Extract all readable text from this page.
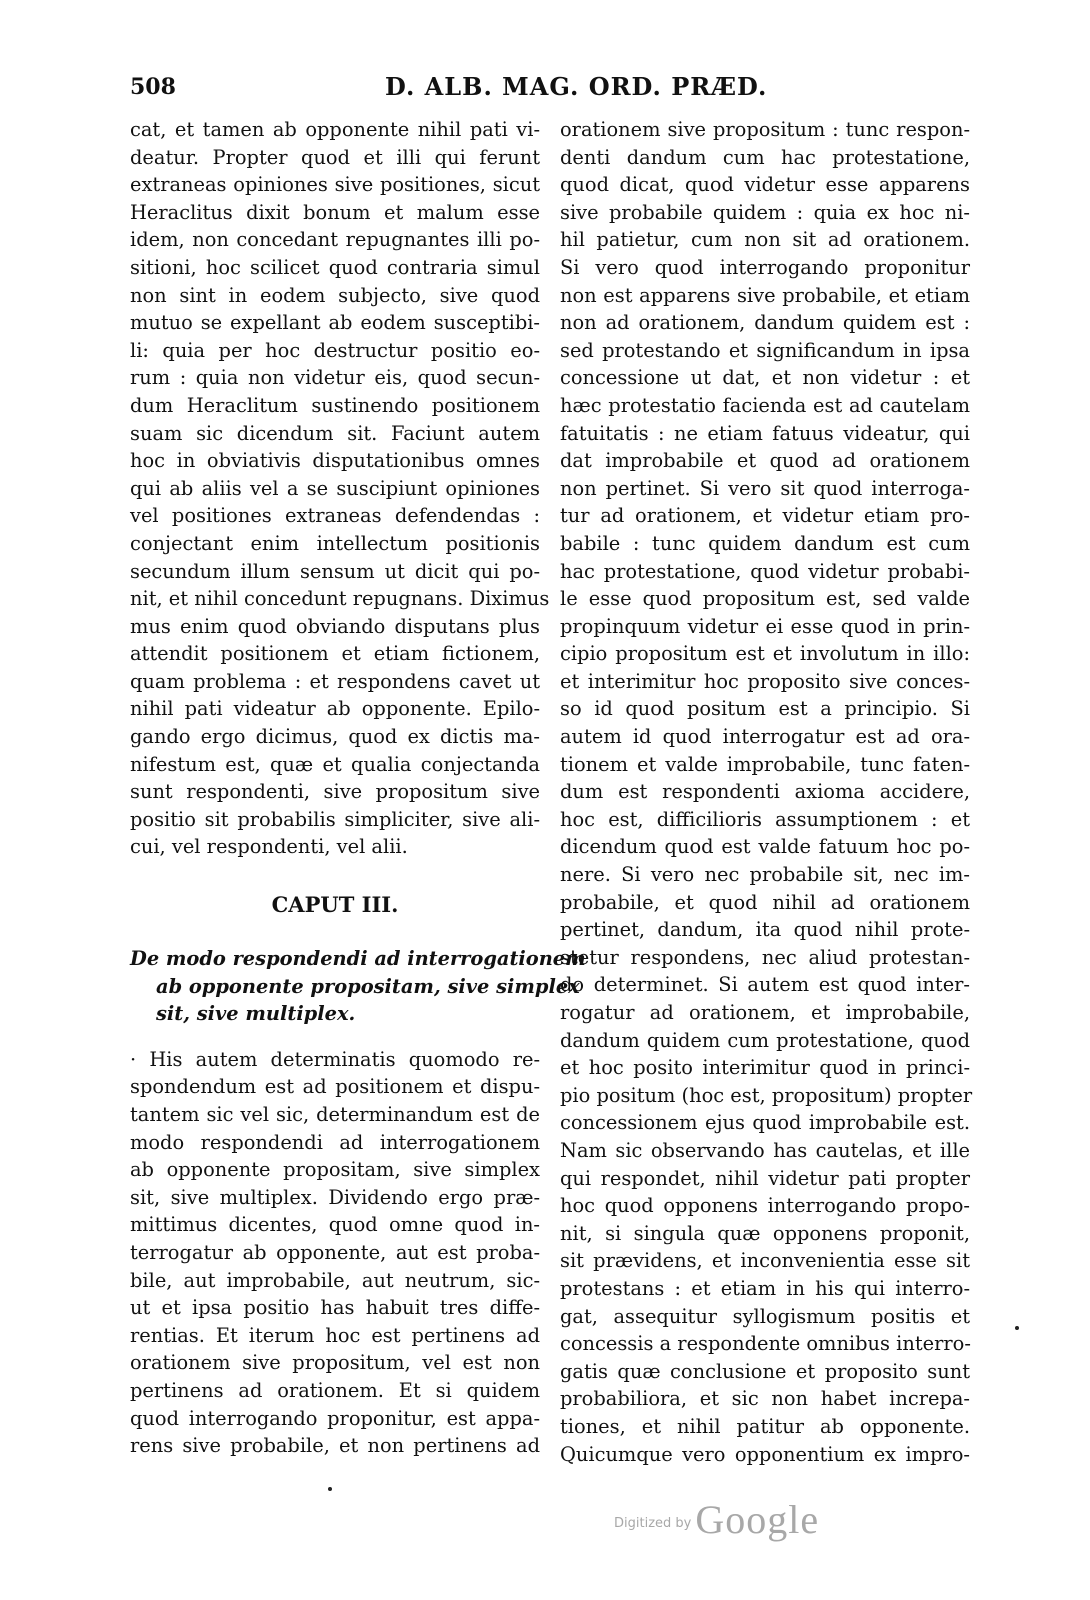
508	D. ALB. MAG. ORD. PRÆD.
cat, et tamen ab opponente nihil pati vi-
deatur. Propter quod et illi qui ferunt
extraneas opiniones sive positiones, sicut
Heraclitus dixit bonum et malum esse
idem, non concedant repugnantes illi po-
sitioni, hoc scilicet quod contraria simul
non sint in eodem subjecto, sive quod
mutuo se expellant ab eodem susceptibi-
li: quia per hoc destructur positio eo-
rum : quia non videtur eis, quod secun-
dum Heraclitum sustinendo positionem
suam sic dicendum sit. Faciunt autem
hoc in obviativis disputationibus omnes
qui ab aliis vel a se suscipiunt opiniones
vel positiones extraneas defendendas :
conjectant enim intellectum positionis
secundum illum sensum ut dicit qui po-
nit, et nihil concedunt repugnans. Diximus
mus enim quod obviando disputans plus
attendit positionem et etiam fictionem,
quam problema : et respondens cavet ut
nihil pati videatur ab opponente. Epilo-
gando ergo dicimus, quod ex dictis ma-
nifestum est, quæ et qualia conjectanda
sunt respondenti, sive propositum sive
positio sit probabilis simpliciter, sive ali-
cui, vel respondenti, vel alii.
CAPUT III.
De modo respondendi ad interrogationem
ab opponente propositam, sive simplex
sit, sive multiplex.
· His autem determinatis quomodo re-
spondendum est ad positionem et dispu-
tantem sic vel sic, determinandum est de
modo respondendi ad interrogationem
ab opponente propositam, sive simplex
sit, sive multiplex. Dividendo ergo præ-
mittimus dicentes, quod omne quod in-
terrogatur ab opponente, aut est proba-
bile, aut improbabile, aut neutrum, sic-
ut et ipsa positio has habuit tres diffe-
rentias. Et iterum hoc est pertinens ad
orationem sive propositum, vel est non
pertinens ad orationem. Et si quidem
quod interrogando proponitur, est appa-
rens sive probabile, et non pertinens ad
orationem sive propositum : tunc respon-
denti dandum cum hac protestatione,
quod dicat, quod videtur esse apparens
sive probabile quidem : quia ex hoc ni-
hil patietur, cum non sit ad orationem.
Si vero quod interrogando proponitur
non est apparens sive probabile, et etiam
non ad orationem, dandum quidem est :
sed protestando et significandum in ipsa
concessione ut dat, et non videtur : et
hæc protestatio facienda est ad cautelam
fatuitatis : ne etiam fatuus videatur, qui
dat improbabile et quod ad orationem
non pertinet. Si vero sit quod interroga-
tur ad orationem, et videtur etiam pro-
babile : tunc quidem dandum est cum
hac protestatione, quod videtur probabi-
le esse quod propositum est, sed valde
propinquum videtur ei esse quod in prin-
cipio propositum est et involutum in illo:
et interimitur hoc proposito sive conces-
so id quod positum est a principio. Si
autem id quod interrogatur est ad ora-
tionem et valde improbabile, tunc faten-
dum est respondenti axioma accidere,
hoc est, difficilioris assumptionem : et
dicendum quod est valde fatuum hoc po-
nere. Si vero nec probabile sit, nec im-
probabile, et quod nihil ad orationem
pertinet, dandum, ita quod nihil prote-
stetur respondens, nec aliud protestan-
do determinet. Si autem est quod inter-
rogatur ad orationem, et improbabile,
dandum quidem cum protestatione, quod
et hoc posito interimitur quod in princi-
pio positum (hoc est, propositum) propter
concessionem ejus quod improbabile est.
Nam sic observando has cautelas, et ille
qui respondet, nihil videtur pati propter
hoc quod opponens interrogando propo-
nit, si singula quæ opponens proponit,
sit prævidens, et inconvenientia esse sit
protestans : et etiam in his qui interro-
gat, assequitur syllogismum positis et
concessis a respondente omnibus interro-
gatis quæ conclusione et proposito sunt
probabiliora, et sic non habet increpa-
tiones, et nihil patitur ab opponente.
Quicumque vero opponentium ex impro-
$^{Digitized by}$ Google
